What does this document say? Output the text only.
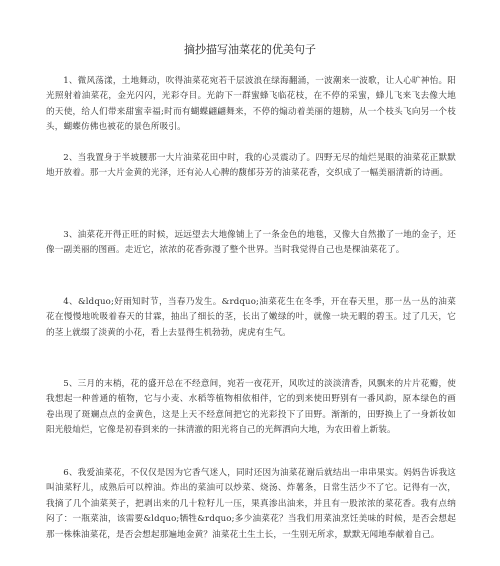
摘抄描写油菜花的优美句子

1、微风荡漾，土地舞动，吹得油菜花宛若千层波浪在绿海翻涌，一波潮来一波歌，让人心旷神怡。阳光照射着油菜花，金光闪闪，光彩夺目。光韵下一群蜜蜂飞临花枝，在不停的采蜜，蜂儿飞来飞去像大地的天使，给人们带来甜蜜幸福;时而有蝴蝶翩翩舞来，不停的煽动着美丽的翅膀，从一个枝头飞向另一个枝头，蝴蝶仿佛也被花的景色所吸引。

2、当我置身于半坡腰那一大片油菜花田中时，我的心灵震动了。四野无尽的灿烂晃眼的油菜花正默默地开放着。那一大片金黄的光泽，还有沁人心脾的馥郁芬芳的油菜花香，交织成了一幅美丽清新的诗画。

3、油菜花开得正旺的时候，远远望去大地像铺上了一条金色的地毯，又像大自然撒了一地的金子，还像一副美丽的图画。走近它，浓浓的花香弥漫了整个世界。当时我觉得自己也是棵油菜花了。

4、&ldquo;好雨知时节，当春乃发生。&rdquo;油菜花生在冬季，开在春天里，那一丛一丛的油菜花在慢慢地吮吸着春天的甘霖，抽出了细长的茎，长出了嫩绿的叶，就像一块无暇的碧玉。过了几天，它的茎上就缀了淡黄的小花，看上去显得生机勃勃，虎虎有生气。

5、三月的末梢，花的盛开总在不经意间，宛若一夜花开，风吹过的淡淡清香，风飘来的片片花瓣，使我想起一种普通的植物，它与小麦、水稻等植物相依相伴，它的到来使田野别有一番风韵，原本绿色的画卷出现了斑斓点点的金黄色，这是上天不经意间把它的光彩投下了田野。渐渐的，田野换上了一身新妆如阳光般灿烂，它像是初春到来的一抹清澈的阳光将自己的光辉洒向大地，为农田着上新装。

6、我爱油菜花，不仅仅是因为它香气迷人，同时还因为油菜花谢后就结出一串串果实。妈妈告诉我这叫油菜籽儿，成熟后可以榨油。炸出的菜油可以炒菜、烧汤、炸薯条，日常生活少不了它。记得有一次，我摘了几个油菜荚子，把剥出来的几十粒籽儿一压，果真渗出油来，并且有一股浓浓的菜花香。我有点纳闷了：一瓶菜油，该需要&ldquo;牺牲&rdquo;多少油菜花？当我们用菜油烹饪美味的时候，是否会想起那一株株油菜花，是否会想起那遍地金黄？油菜花土生土长，一生别无所求，默默无闻地奉献着自己。
